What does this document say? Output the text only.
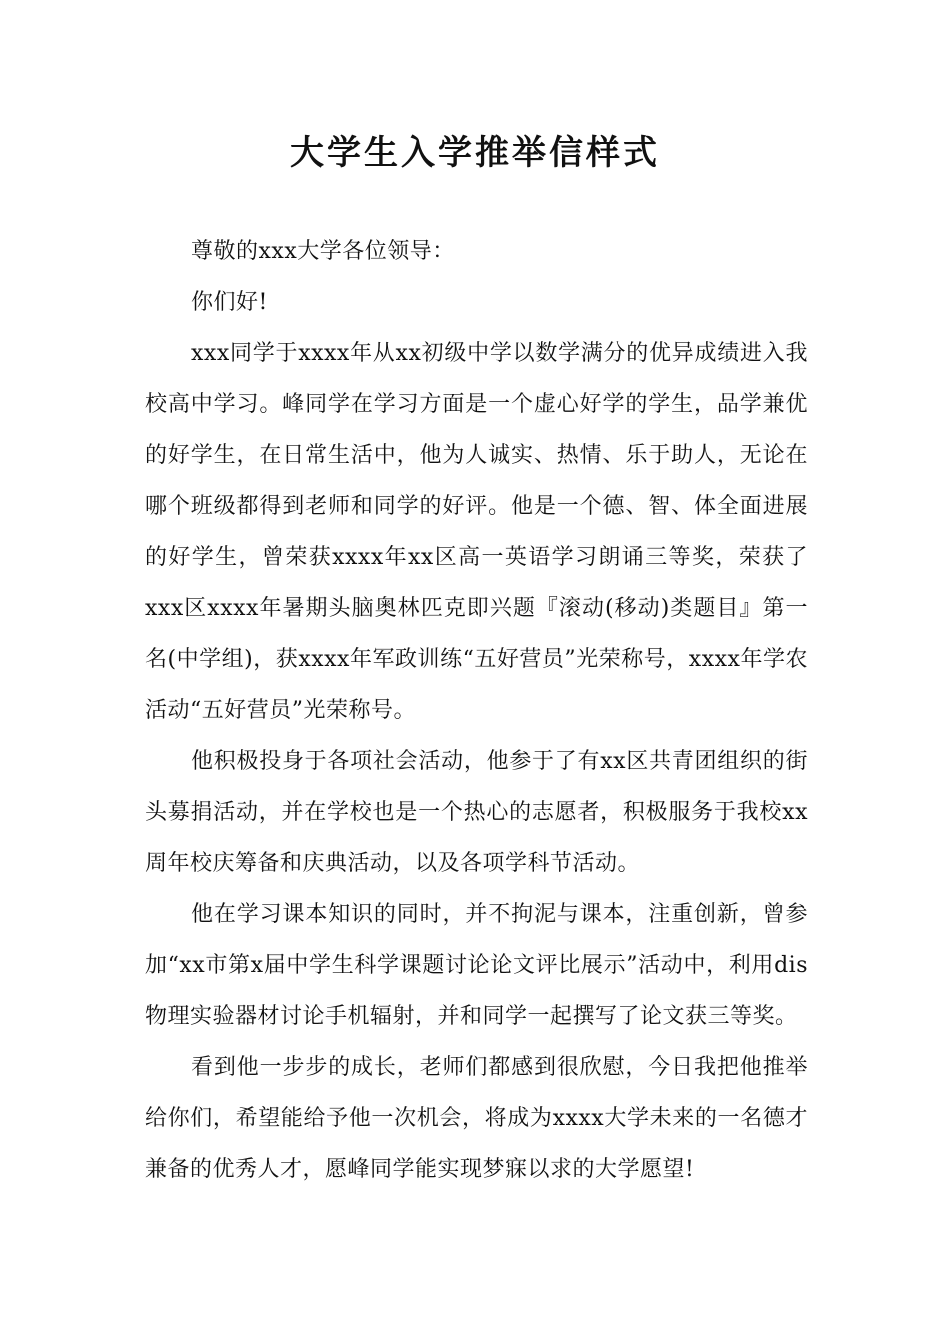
大学生入学推举信样式

尊敬的xxx大学各位领导：

你们好!

xxx同学于xxxx年从xx初级中学以数学满分的优异成绩进入我校高中学习。峰同学在学习方面是一个虚心好学的学生，品学兼优的好学生，在日常生活中，他为人诚实、热情、乐于助人，无论在哪个班级都得到老师和同学的好评。他是一个德、智、体全面进展的好学生，曾荣获xxxx年xx区高一英语学习朗诵三等奖，荣获了xxx区xxxx年暑期头脑奥林匹克即兴题『滚动(移动)类题目』第一名(中学组)，获xxxx年军政训练“五好营员”光荣称号，xxxx年学农活动“五好营员”光荣称号。

他积极投身于各项社会活动，他参于了有xx区共青团组织的街头募捐活动，并在学校也是一个热心的志愿者，积极服务于我校xx周年校庆筹备和庆典活动，以及各项学科节活动。

他在学习课本知识的同时，并不拘泥与课本，注重创新，曾参加“xx市第x届中学生科学课题讨论论文评比展示”活动中，利用dis物理实验器材讨论手机辐射，并和同学一起撰写了论文获三等奖。

看到他一步步的成长，老师们都感到很欣慰，今日我把他推举给你们，希望能给予他一次机会，将成为xxxx大学未来的一名德才兼备的优秀人才，愿峰同学能实现梦寐以求的大学愿望!
